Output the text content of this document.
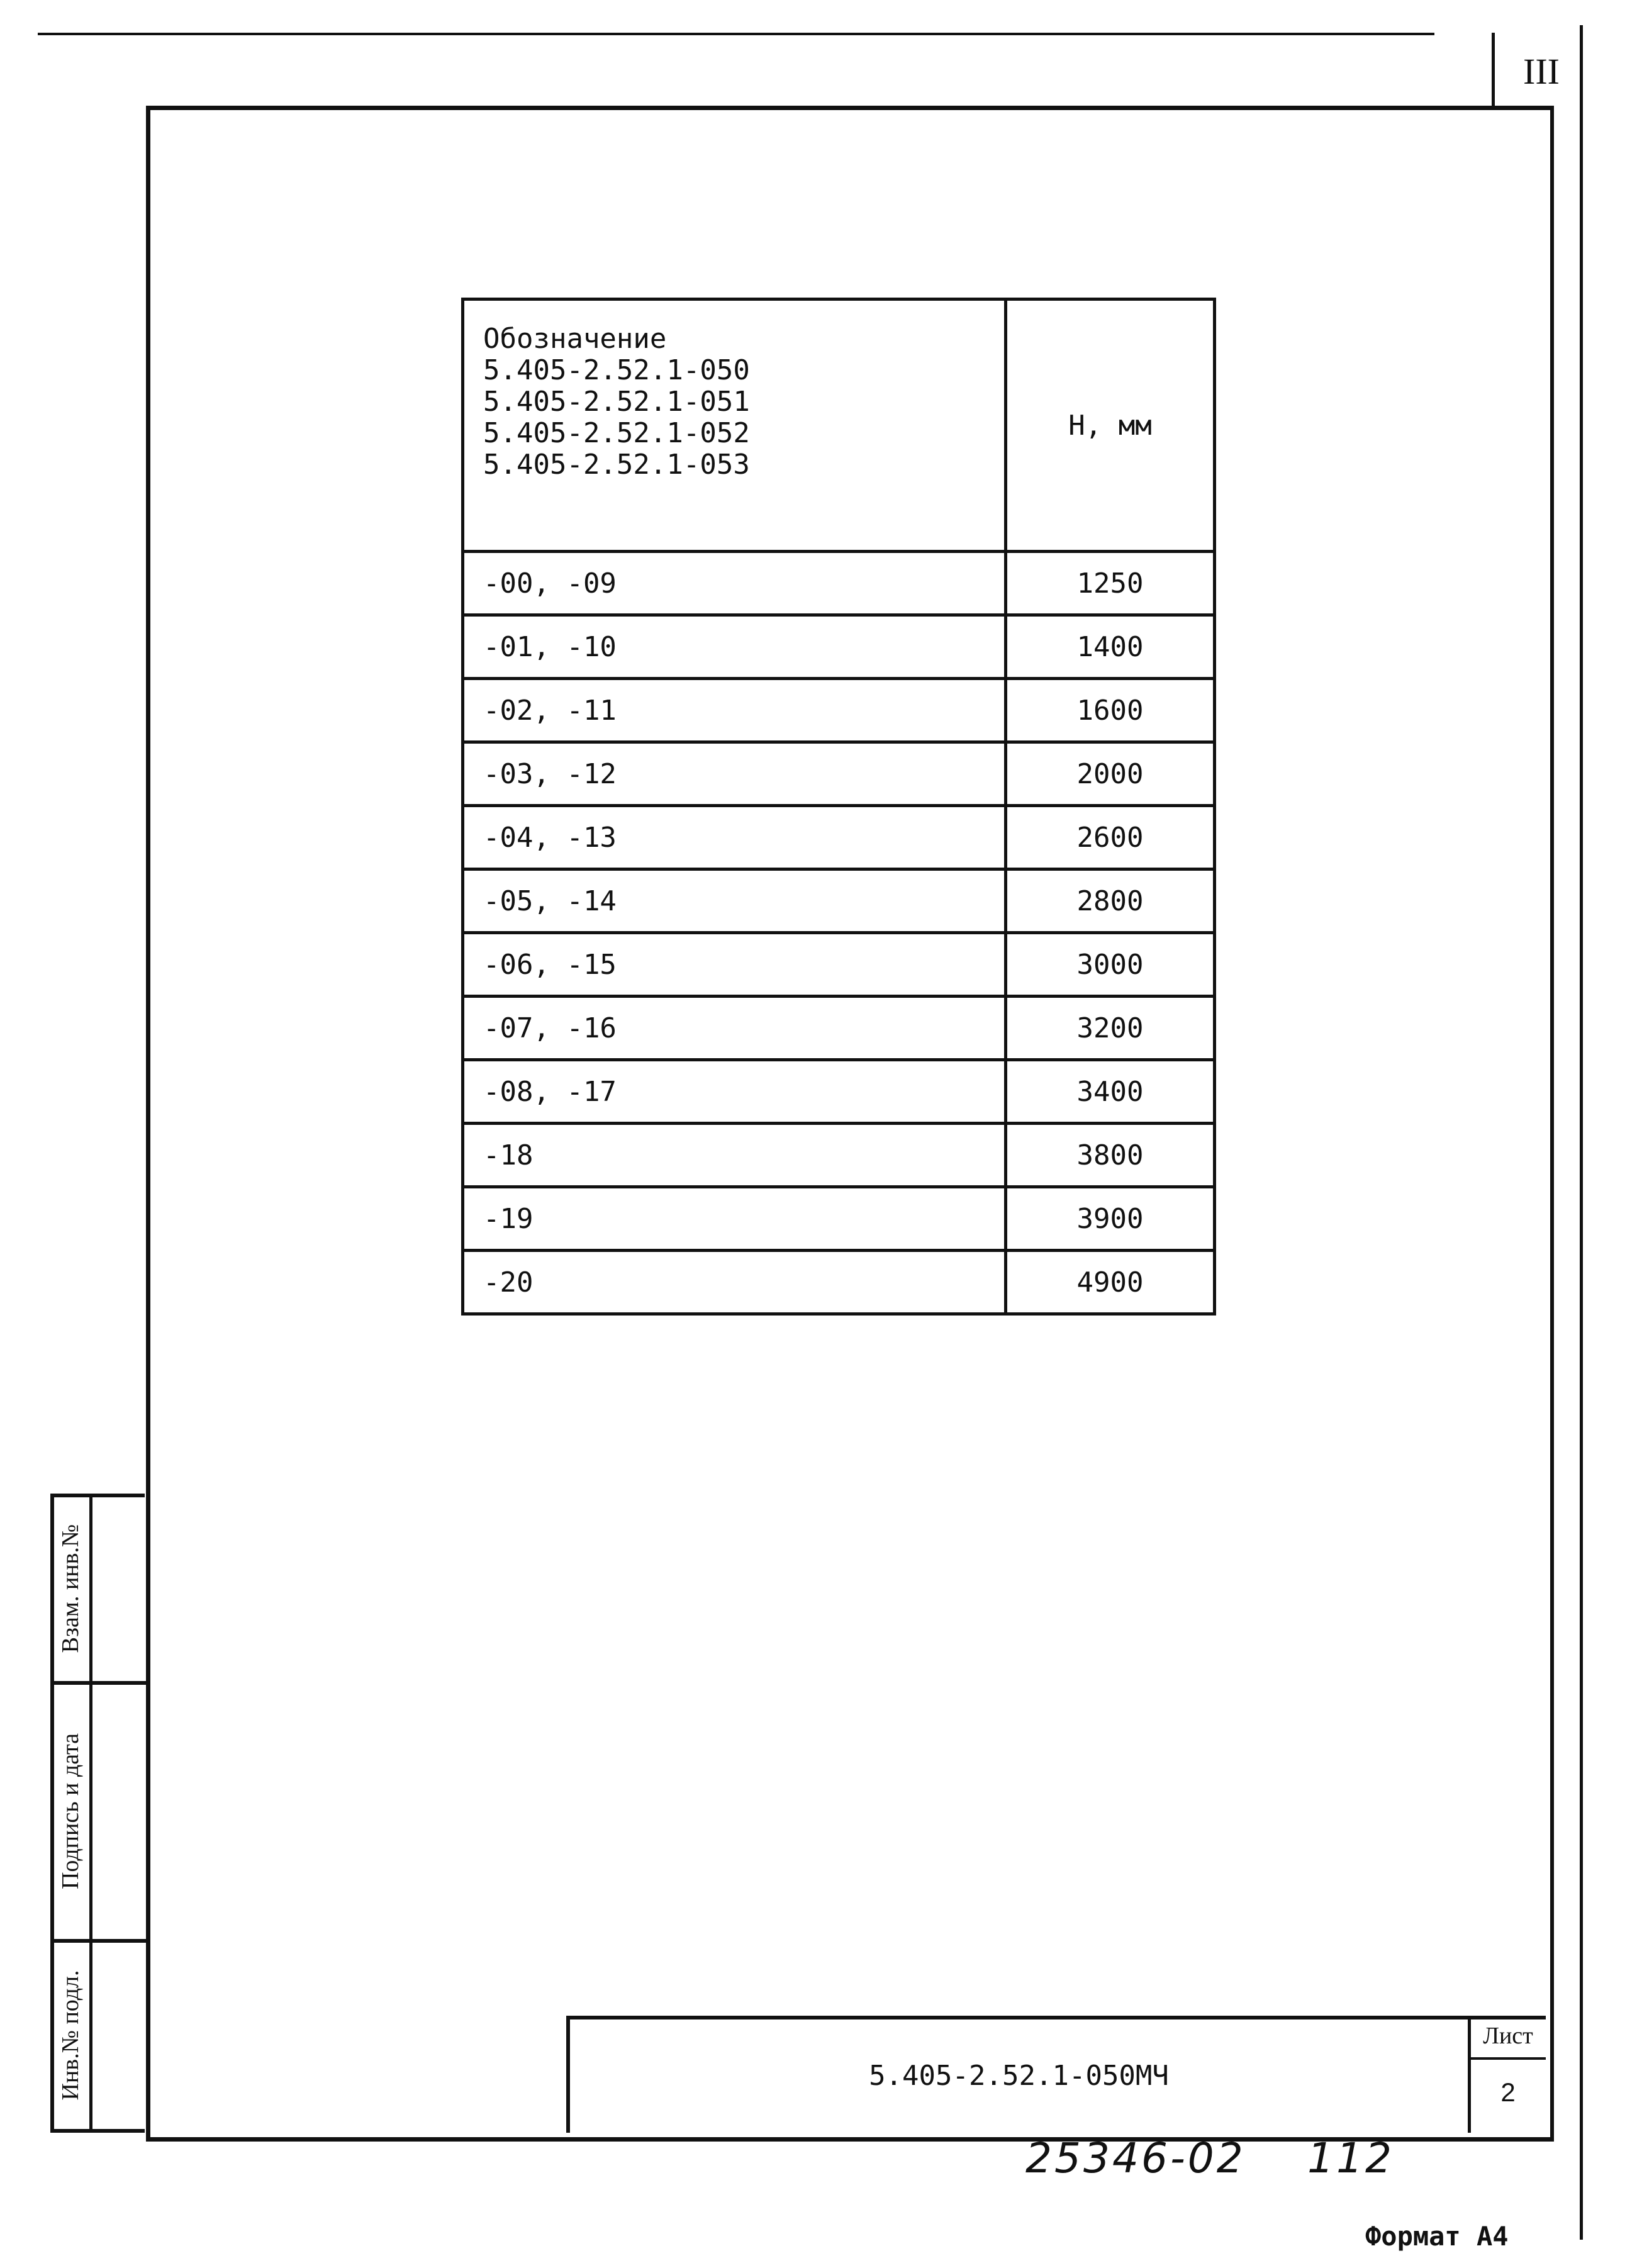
III
Обозначение
5.405-2.52.1-050
5.405-2.52.1-051
5.405-2.52.1-052
5.405-2.52.1-053	Н, мм
-00, -09	1250
-01, -10	1400
-02, -11	1600
-03, -12	2000
-04, -13	2600
-05, -14	2800
-06, -15	3000
-07, -16	3200
-08, -17	3400
-18	3800
-19	3900
-20	4900
Взам. инв.№
Подпись и дата
Инв.№ подл.	5.405-2.52.1-050МЧ
Лист
2
25346-02 112
Формат А4
